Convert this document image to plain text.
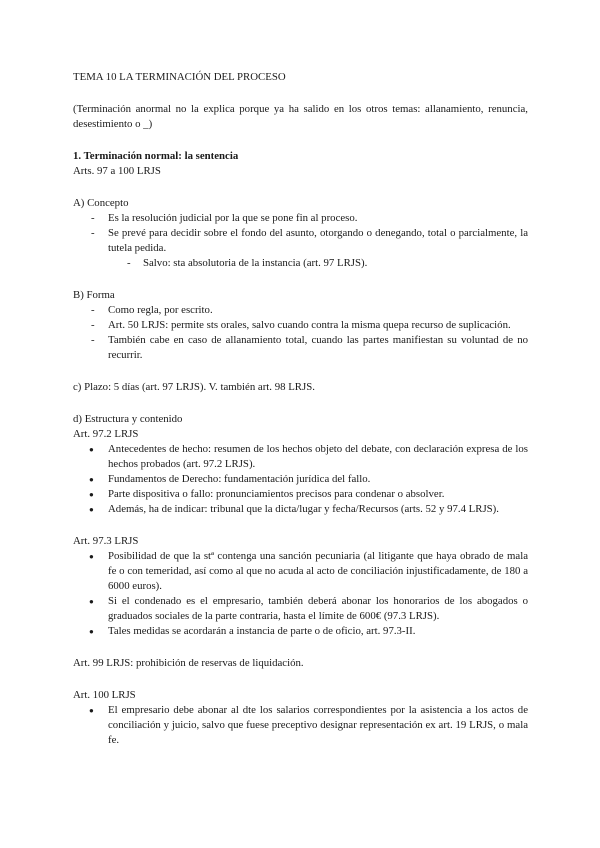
TEMA 10 LA TERMINACIÓN DEL PROCESO

(Terminación anormal no la explica porque ya ha salido en los otros temas: allanamiento, renuncia, desestimiento o _)

1. Terminación normal: la sentencia

Arts. 97 a 100 LRJS

A) Concepto

- Es la resolución judicial por la que se pone fin al proceso.
- Se prevé para decidir sobre el fondo del asunto, otorgando o denegando, total o parcialmente, la tutela pedida.
- Salvo: sta absolutoria de la instancia (art. 97 LRJS).

B) Forma

- Como regla, por escrito.
- Art. 50 LRJS: permite sts orales, salvo cuando contra la misma quepa recurso de suplicación.
- También cabe en caso de allanamiento total, cuando las partes manifiestan su voluntad de no recurrir.

c) Plazo: 5 días (art. 97 LRJS). V. también art. 98 LRJS.

d) Estructura y contenido

Art. 97.2 LRJS

● Antecedentes de hecho: resumen de los hechos objeto del debate, con declaración expresa de los hechos probados (art. 97.2 LRJS).
● Fundamentos de Derecho: fundamentación jurídica del fallo.
● Parte dispositiva o fallo: pronunciamientos precisos para condenar o absolver.
● Además, ha de indicar: tribunal que la dicta/lugar y fecha/Recursos (arts. 52 y 97.4 LRJS).

Art. 97.3 LRJS

● Posibilidad de que la stª contenga una sanción pecuniaria (al litigante que haya obrado de mala fe o con temeridad, así como al que no acuda al acto de conciliación injustificadamente, de 180 a 6000 euros).
● Si el condenado es el empresario, también deberá abonar los honorarios de los abogados o graduados sociales de la parte contraria, hasta el límite de 600€ (97.3 LRJS).
● Tales medidas se acordarán a instancia de parte o de oficio, art. 97.3-II.

Art. 99 LRJS: prohibición de reservas de liquidación.

Art. 100 LRJS

● El empresario debe abonar al dte los salarios correspondientes por la asistencia a los actos de conciliación y juicio, salvo que fuese preceptivo designar representación ex art. 19 LRJS, o mala fe.
